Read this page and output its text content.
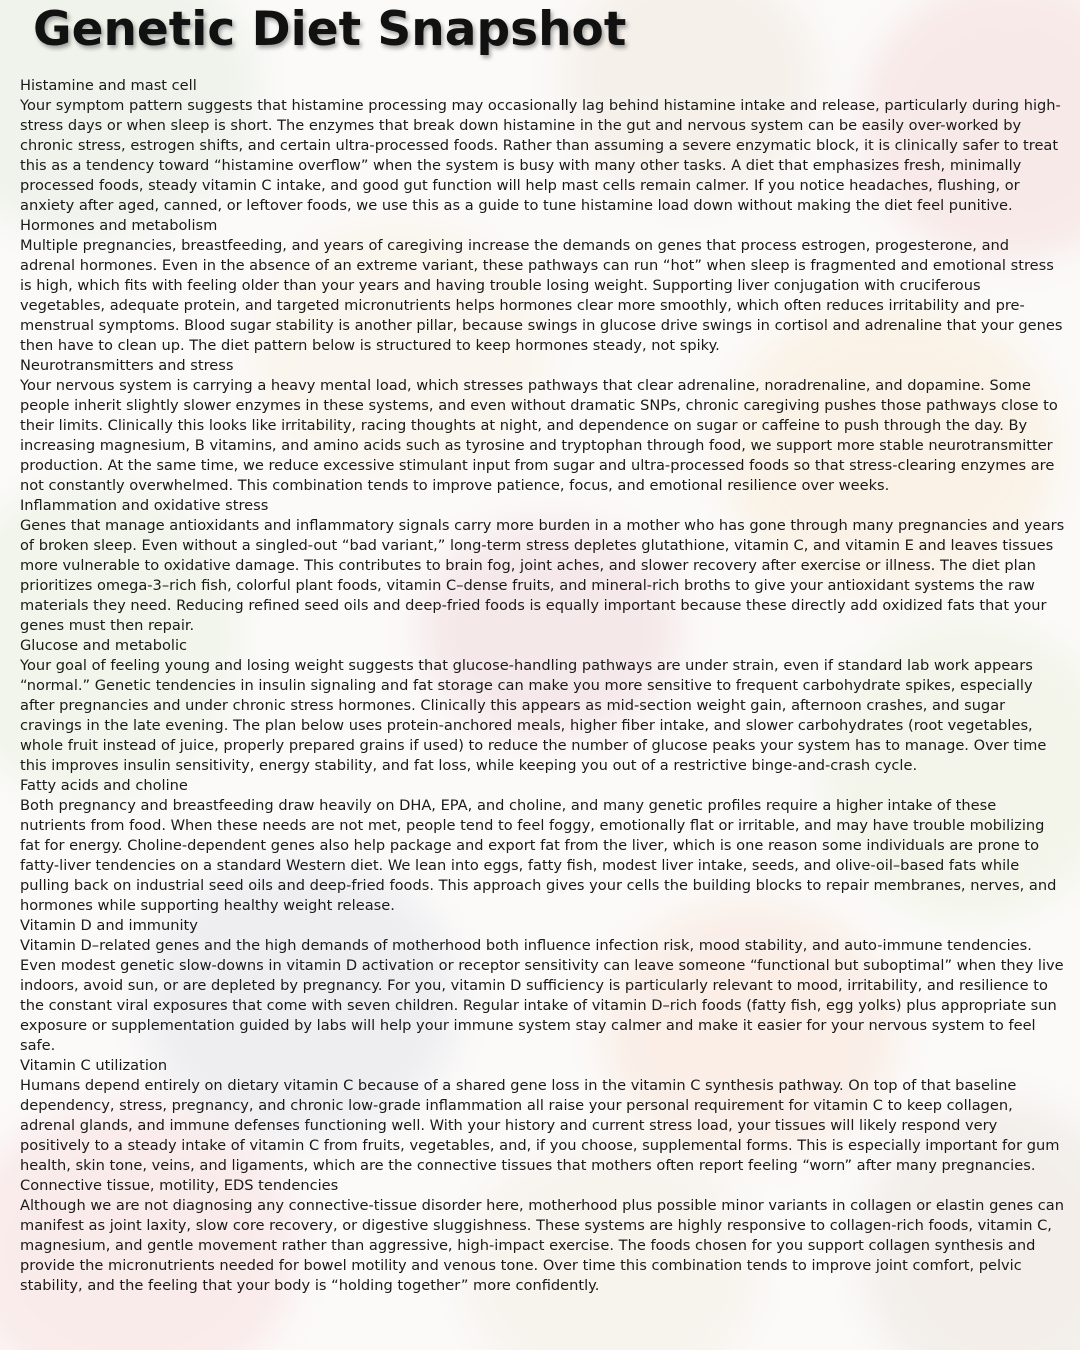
Genetic Diet Snapshot

Histamine and mast cell

Your symptom pattern suggests that histamine processing may occasionally lag behind histamine intake and release, particularly during high-stress days or when sleep is short. The enzymes that break down histamine in the gut and nervous system can be easily over-worked by chronic stress, estrogen shifts, and certain ultra-processed foods. Rather than assuming a severe enzymatic block, it is clinically safer to treat this as a tendency toward “histamine overflow” when the system is busy with many other tasks. A diet that emphasizes fresh, minimally processed foods, steady vitamin C intake, and good gut function will help mast cells remain calmer. If you notice headaches, flushing, or anxiety after aged, canned, or leftover foods, we use this as a guide to tune histamine load down without making the diet feel punitive.

Hormones and metabolism

Multiple pregnancies, breastfeeding, and years of caregiving increase the demands on genes that process estrogen, progesterone, and adrenal hormones. Even in the absence of an extreme variant, these pathways can run “hot” when sleep is fragmented and emotional stress is high, which fits with feeling older than your years and having trouble losing weight. Supporting liver conjugation with cruciferous vegetables, adequate protein, and targeted micronutrients helps hormones clear more smoothly, which often reduces irritability and pre-menstrual symptoms. Blood sugar stability is another pillar, because swings in glucose drive swings in cortisol and adrenaline that your genes then have to clean up. The diet pattern below is structured to keep hormones steady, not spiky.

Neurotransmitters and stress

Your nervous system is carrying a heavy mental load, which stresses pathways that clear adrenaline, noradrenaline, and dopamine. Some people inherit slightly slower enzymes in these systems, and even without dramatic SNPs, chronic caregiving pushes those pathways close to their limits. Clinically this looks like irritability, racing thoughts at night, and dependence on sugar or caffeine to push through the day. By increasing magnesium, B vitamins, and amino acids such as tyrosine and tryptophan through food, we support more stable neurotransmitter production. At the same time, we reduce excessive stimulant input from sugar and ultra-processed foods so that stress-clearing enzymes are not constantly overwhelmed. This combination tends to improve patience, focus, and emotional resilience over weeks.

Inflammation and oxidative stress

Genes that manage antioxidants and inflammatory signals carry more burden in a mother who has gone through many pregnancies and years of broken sleep. Even without a singled-out “bad variant,” long-term stress depletes glutathione, vitamin C, and vitamin E and leaves tissues more vulnerable to oxidative damage. This contributes to brain fog, joint aches, and slower recovery after exercise or illness. The diet plan prioritizes omega-3–rich fish, colorful plant foods, vitamin C–dense fruits, and mineral-rich broths to give your antioxidant systems the raw materials they need. Reducing refined seed oils and deep-fried foods is equally important because these directly add oxidized fats that your genes must then repair.

Glucose and metabolic

Your goal of feeling young and losing weight suggests that glucose-handling pathways are under strain, even if standard lab work appears “normal.” Genetic tendencies in insulin signaling and fat storage can make you more sensitive to frequent carbohydrate spikes, especially after pregnancies and under chronic stress hormones. Clinically this appears as mid-section weight gain, afternoon crashes, and sugar cravings in the late evening. The plan below uses protein-anchored meals, higher fiber intake, and slower carbohydrates (root vegetables, whole fruit instead of juice, properly prepared grains if used) to reduce the number of glucose peaks your system has to manage. Over time this improves insulin sensitivity, energy stability, and fat loss, while keeping you out of a restrictive binge-and-crash cycle.

Fatty acids and choline

Both pregnancy and breastfeeding draw heavily on DHA, EPA, and choline, and many genetic profiles require a higher intake of these nutrients from food. When these needs are not met, people tend to feel foggy, emotionally flat or irritable, and may have trouble mobilizing fat for energy. Choline-dependent genes also help package and export fat from the liver, which is one reason some individuals are prone to fatty-liver tendencies on a standard Western diet. We lean into eggs, fatty fish, modest liver intake, seeds, and olive-oil–based fats while pulling back on industrial seed oils and deep-fried foods. This approach gives your cells the building blocks to repair membranes, nerves, and hormones while supporting healthy weight release.

Vitamin D and immunity

Vitamin D–related genes and the high demands of motherhood both influence infection risk, mood stability, and auto-immune tendencies. Even modest genetic slow-downs in vitamin D activation or receptor sensitivity can leave someone “functional but suboptimal” when they live indoors, avoid sun, or are depleted by pregnancy. For you, vitamin D sufficiency is particularly relevant to mood, irritability, and resilience to the constant viral exposures that come with seven children. Regular intake of vitamin D–rich foods (fatty fish, egg yolks) plus appropriate sun exposure or supplementation guided by labs will help your immune system stay calmer and make it easier for your nervous system to feel safe.

Vitamin C utilization

Humans depend entirely on dietary vitamin C because of a shared gene loss in the vitamin C synthesis pathway. On top of that baseline dependency, stress, pregnancy, and chronic low-grade inflammation all raise your personal requirement for vitamin C to keep collagen, adrenal glands, and immune defenses functioning well. With your history and current stress load, your tissues will likely respond very positively to a steady intake of vitamin C from fruits, vegetables, and, if you choose, supplemental forms. This is especially important for gum health, skin tone, veins, and ligaments, which are the connective tissues that mothers often report feeling “worn” after many pregnancies.

Connective tissue, motility, EDS tendencies

Although we are not diagnosing any connective-tissue disorder here, motherhood plus possible minor variants in collagen or elastin genes can manifest as joint laxity, slow core recovery, or digestive sluggishness. These systems are highly responsive to collagen-rich foods, vitamin C, magnesium, and gentle movement rather than aggressive, high-impact exercise. The foods chosen for you support collagen synthesis and provide the micronutrients needed for bowel motility and venous tone. Over time this combination tends to improve joint comfort, pelvic stability, and the feeling that your body is “holding together” more confidently.
